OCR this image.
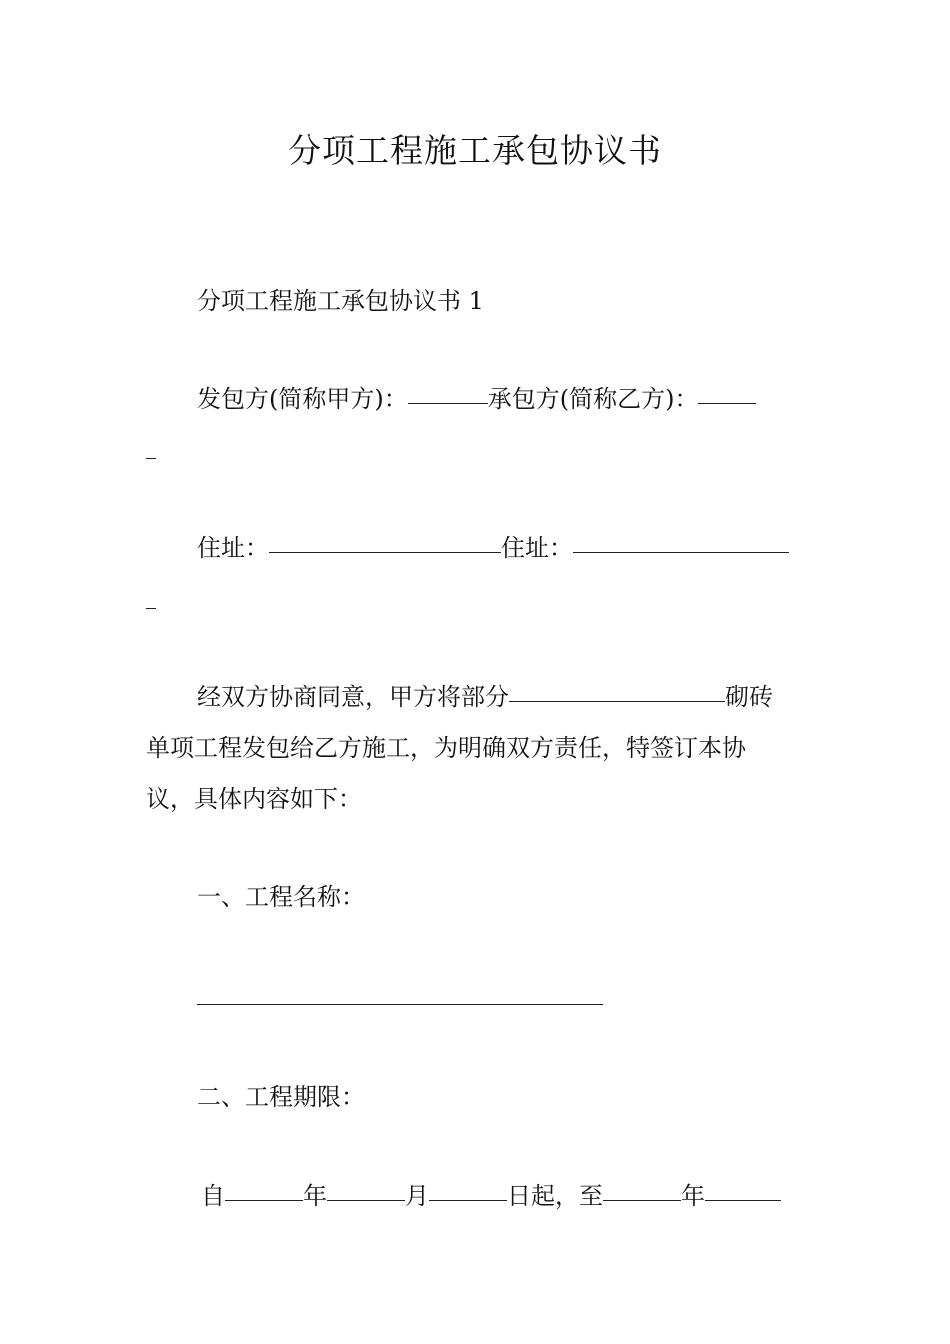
分项工程施工承包协议书
分项工程施工承包协议书 1
发包方(简称甲方)：	承包方(简称乙方)：
住址：	住址：
经双方协商同意，甲方将部分	砌砖
单项工程发包给乙方施工，为明确双方责任，特签订本协
议，具体内容如下：
一、工程名称：
二、工程期限：
自	年	月	日起，至	年
